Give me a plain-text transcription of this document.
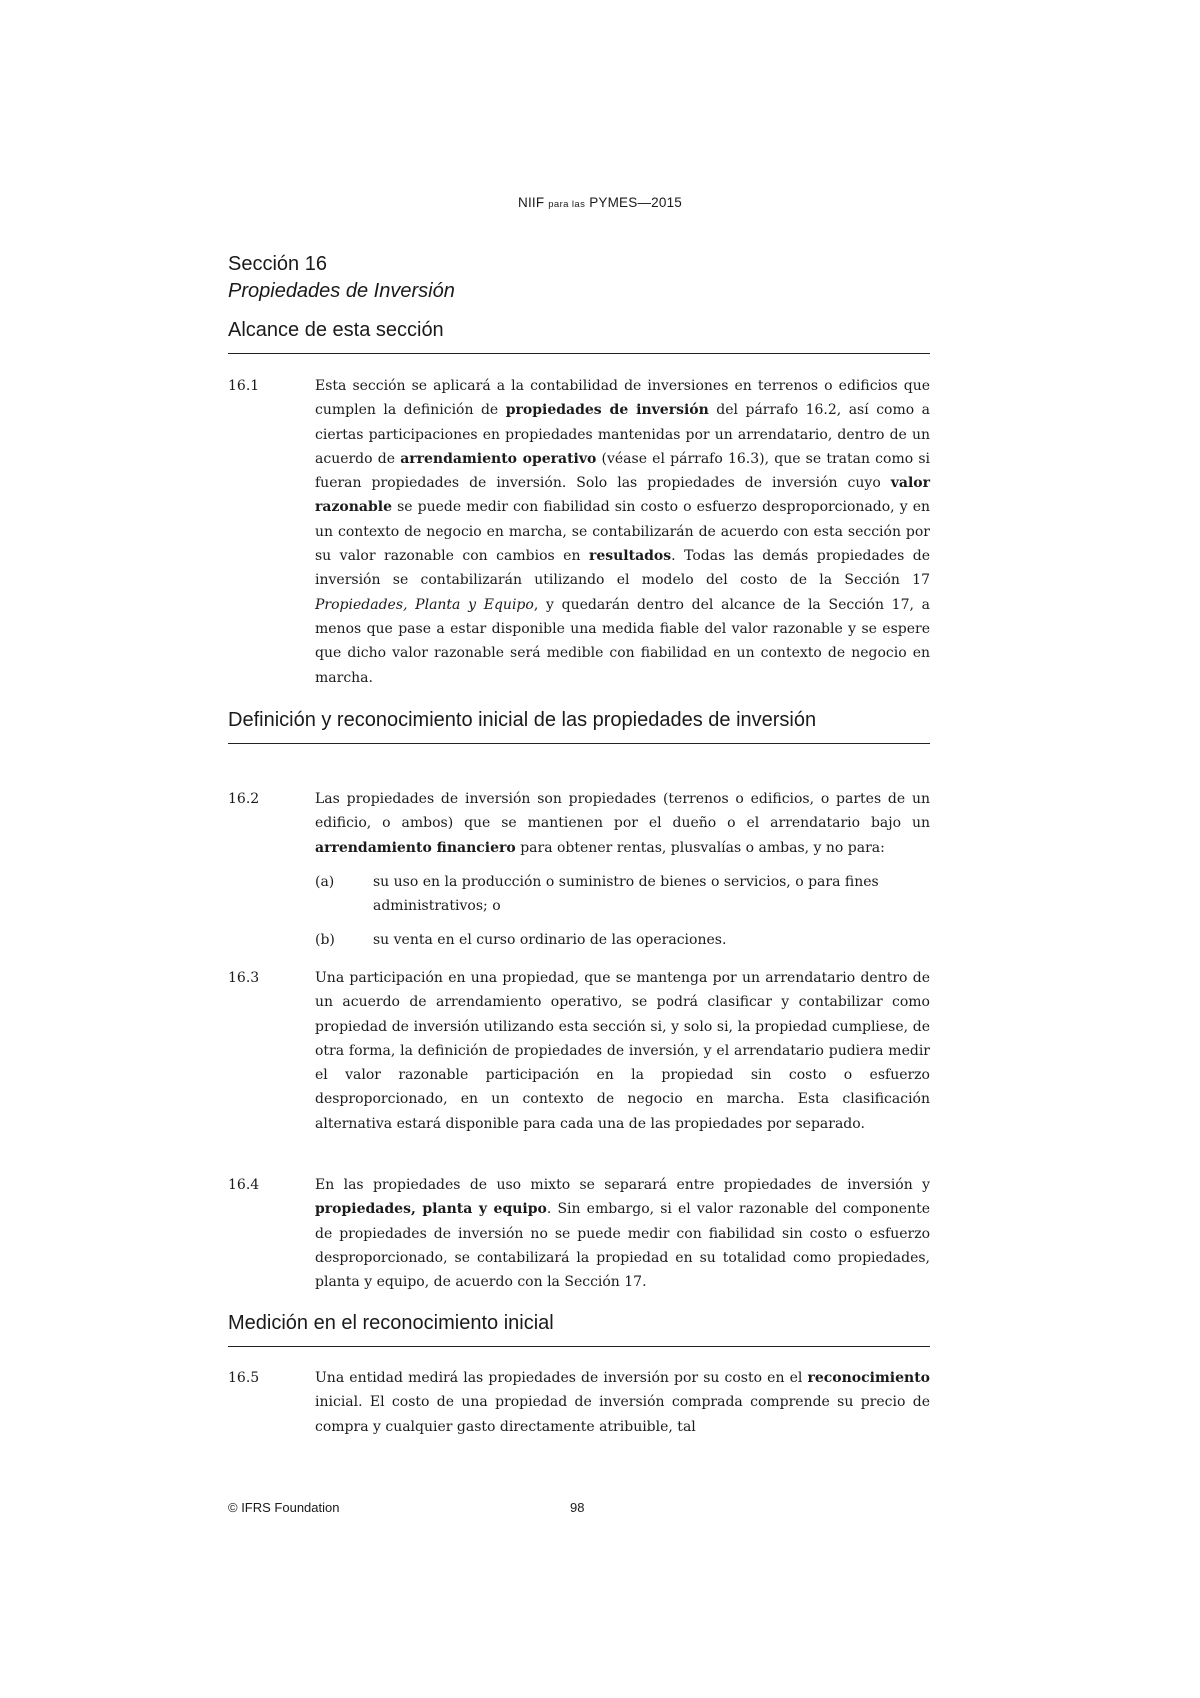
NIIF para las PYMES—2015
Sección 16
Propiedades de Inversión
Alcance de esta sección
16.1	Esta sección se aplicará a la contabilidad de inversiones en terrenos o edificios que cumplen la definición de propiedades de inversión del párrafo 16.2, así como a ciertas participaciones en propiedades mantenidas por un arrendatario, dentro de un acuerdo de arrendamiento operativo (véase el párrafo 16.3), que se tratan como si fueran propiedades de inversión. Solo las propiedades de inversión cuyo valor razonable se puede medir con fiabilidad sin costo o esfuerzo desproporcionado, y en un contexto de negocio en marcha, se contabilizarán de acuerdo con esta sección por su valor razonable con cambios en resultados. Todas las demás propiedades de inversión se contabilizarán utilizando el modelo del costo de la Sección 17 Propiedades, Planta y Equipo, y quedarán dentro del alcance de la Sección 17, a menos que pase a estar disponible una medida fiable del valor razonable y se espere que dicho valor razonable será medible con fiabilidad en un contexto de negocio en marcha.
Definición y reconocimiento inicial de las propiedades de inversión
16.2	Las propiedades de inversión son propiedades (terrenos o edificios, o partes de un edificio, o ambos) que se mantienen por el dueño o el arrendatario bajo un arrendamiento financiero para obtener rentas, plusvalías o ambas, y no para:
(a)	su uso en la producción o suministro de bienes o servicios, o para fines administrativos; o
(b)	su venta en el curso ordinario de las operaciones.
16.3	Una participación en una propiedad, que se mantenga por un arrendatario dentro de un acuerdo de arrendamiento operativo, se podrá clasificar y contabilizar como propiedad de inversión utilizando esta sección si, y solo si, la propiedad cumpliese, de otra forma, la definición de propiedades de inversión, y el arrendatario pudiera medir el valor razonable participación en la propiedad sin costo o esfuerzo desproporcionado, en un contexto de negocio en marcha. Esta clasificación alternativa estará disponible para cada una de las propiedades por separado.
16.4	En las propiedades de uso mixto se separará entre propiedades de inversión y propiedades, planta y equipo. Sin embargo, si el valor razonable del componente de propiedades de inversión no se puede medir con fiabilidad sin costo o esfuerzo desproporcionado, se contabilizará la propiedad en su totalidad como propiedades, planta y equipo, de acuerdo con la Sección 17.
Medición en el reconocimiento inicial
16.5	Una entidad medirá las propiedades de inversión por su costo en el reconocimiento inicial. El costo de una propiedad de inversión comprada comprende su precio de compra y cualquier gasto directamente atribuible, tal
© IFRS Foundation	98
